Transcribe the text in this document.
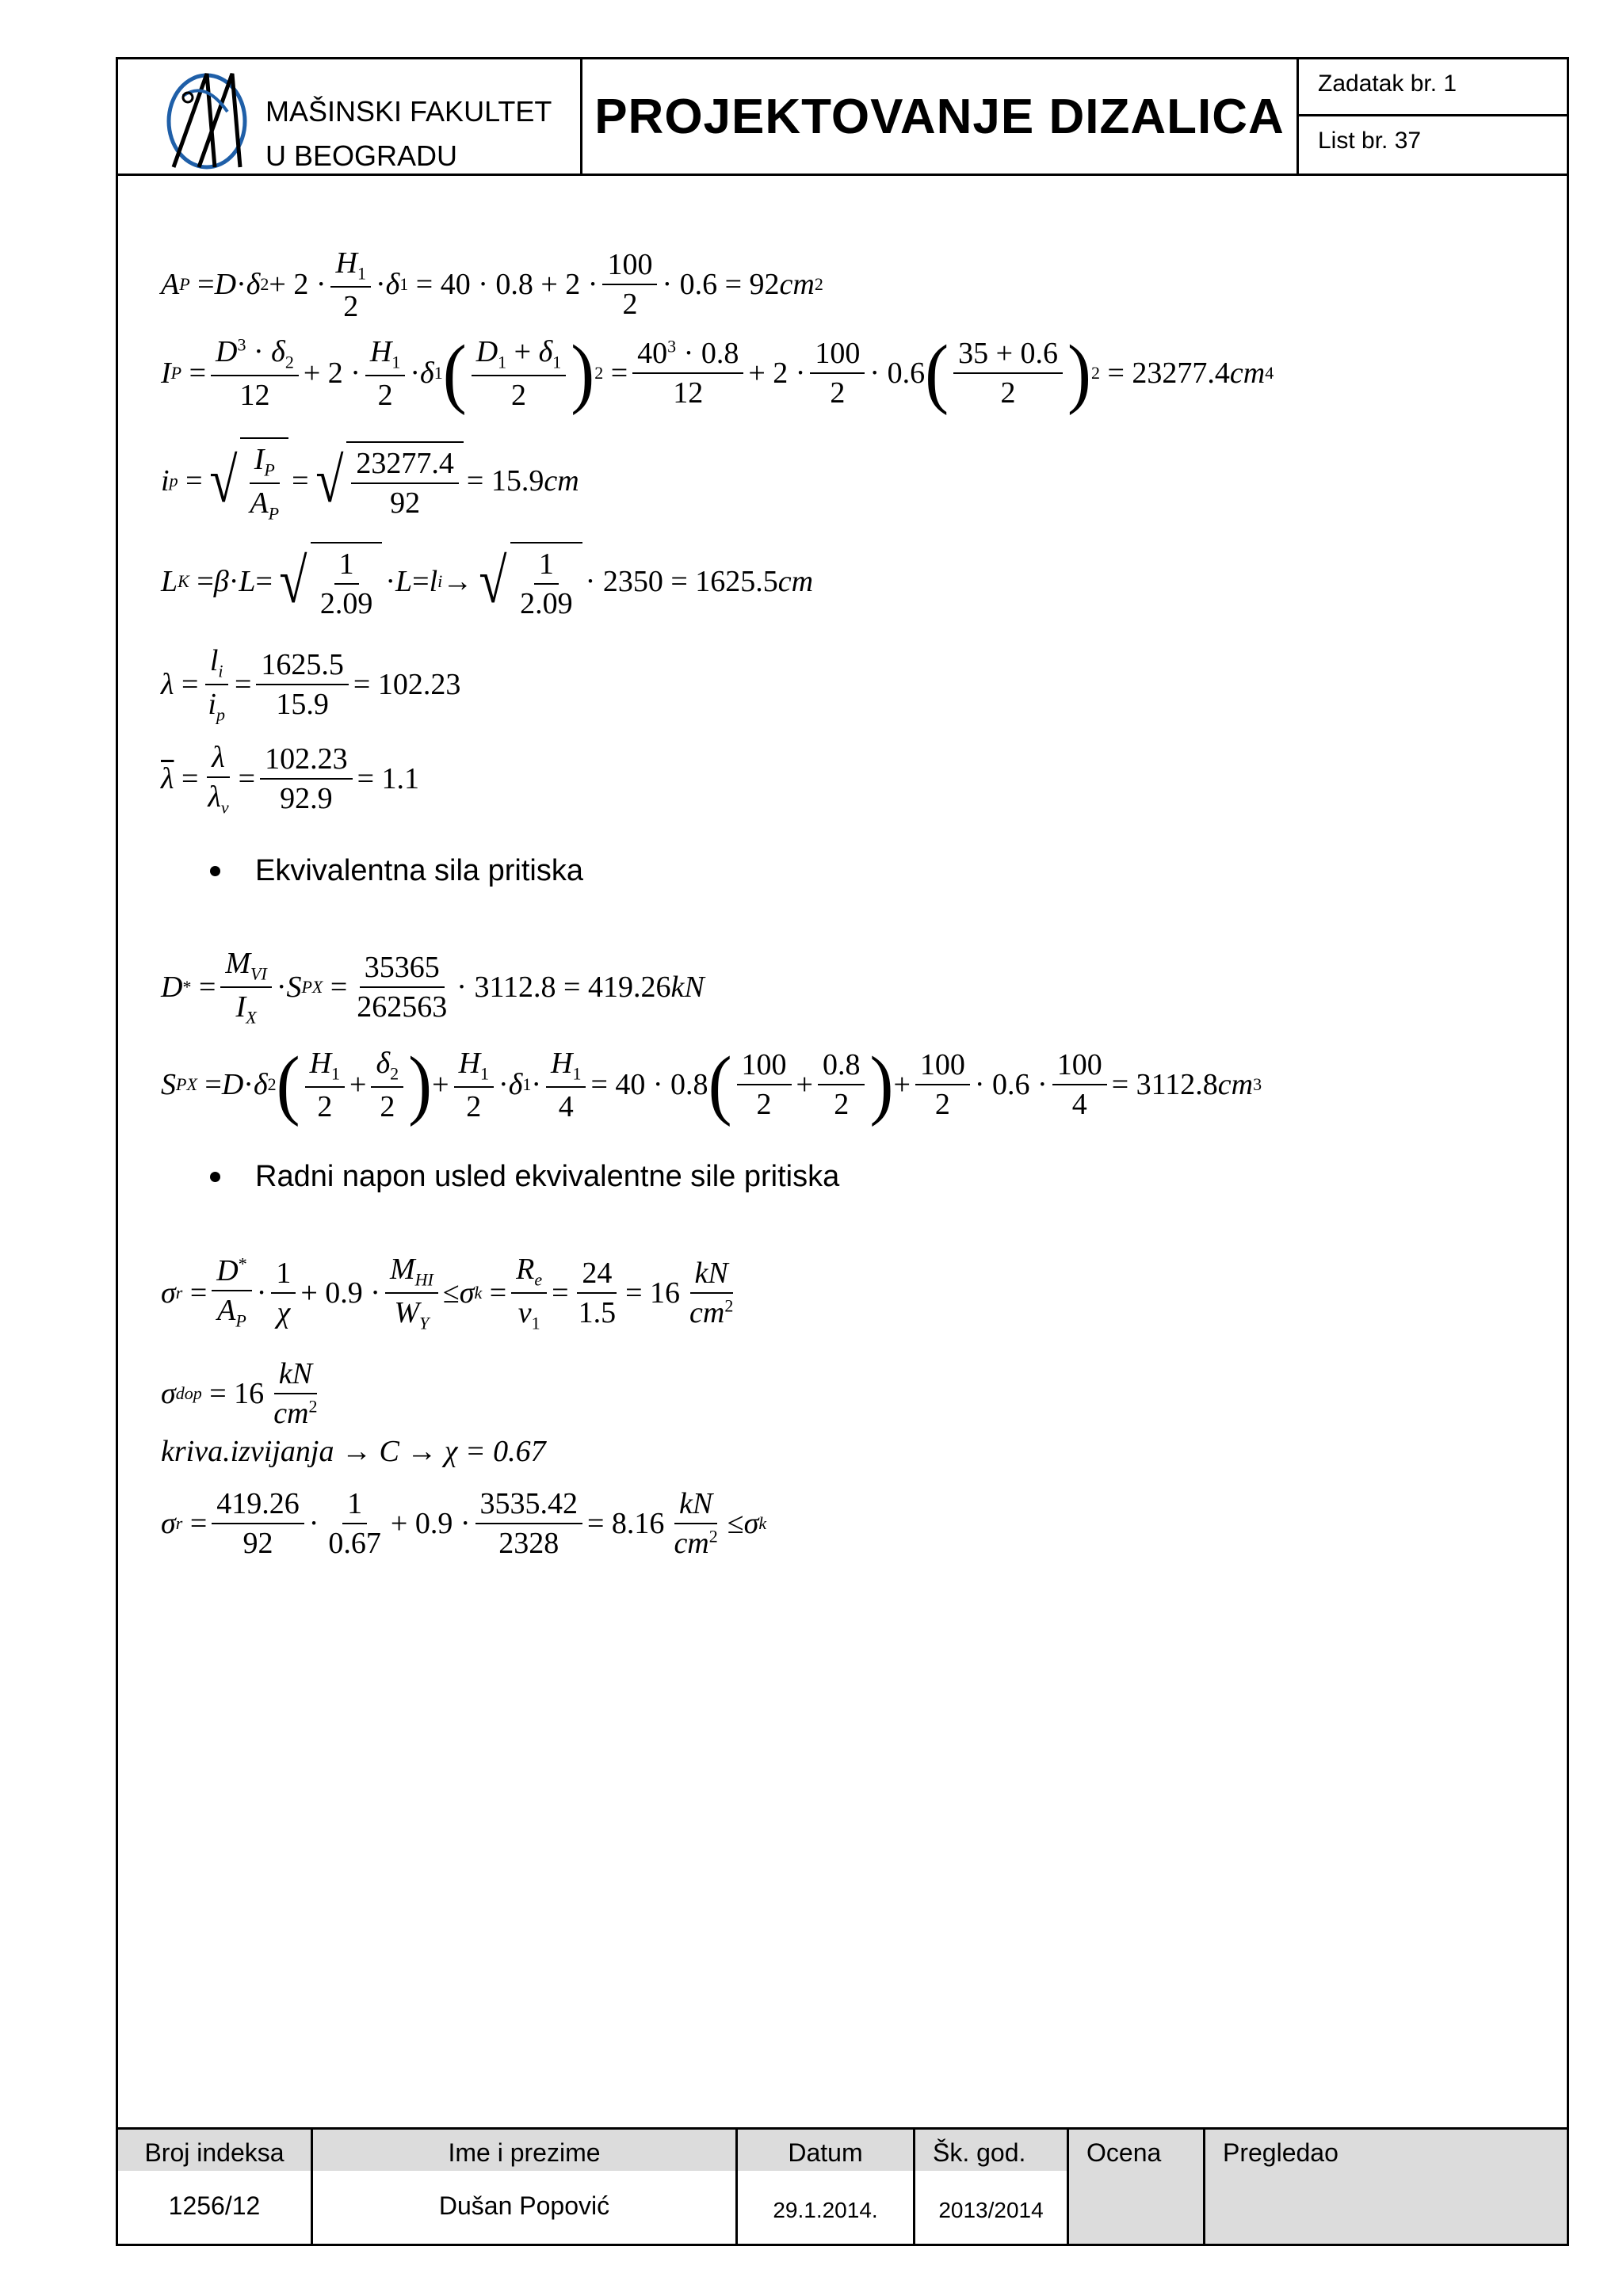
MAŠINSKI FAKULTET
U BEOGRADU
PROJEKTOVANJE DIZALICA
Zadatak br. 1
List br. 37
A P = D · δ $2 + 2 \cdot \frac{H_1}{2} \cdot \delta$ 1
= $40 \cdot 0.8 + 2 \cdot \frac{100}{2} \cdot 0.6 = 92$ cm 2
I $P = \frac{D^3 \cdot \delta_2}{12} + 2 \cdot \frac{H_1}{2} \cdot \delta$ 1 ( $\frac{D_1 + \delta_1}{2}$ ) $2 = \frac{40^3 \cdot 0.8}{12} + 2 \cdot \frac{100}{2} \cdot 0.6$ ( $\frac{35 + 0.6}{2}$ ) 2
= 23277.4 cm 4
i p = √ $\frac{I_P}{A_P}$ = √ $\frac{23277.4}{92} = 15.9$ cm
L K = β · L = √ $\frac{1}{2.09} \cdot L = l$ i → √ $\frac{1}{2.09} \cdot 2350 = 1625.5$ cm
$\lambda = \frac{l_i}{i_p} = \frac{1625.5}{15.9} = 102.23$
$\overline{\lambda} = \frac{\lambda}{\lambda_v} = \frac{102.23}{92.9} = 1.1$
Ekvivalentna sila pritiska
D * = $\frac{M_{VI}}{I_X} \cdot S$ PX = $\frac{35365}{262563} \cdot 3112.8 = 419.26$ kN
S PX = D · δ 2 ( $\frac{H_1}{2} + \frac{\delta_2}{2}$ ) + $\frac{H_1}{2} \cdot \delta$ $1 \cdot \frac{H_1}{4} = 40 \cdot 0.8$ ( $\frac{100}{2} + \frac{0.8}{2}$ ) + $\frac{100}{2} \cdot 0.6 \cdot \frac{100}{4} = 3112.8$ cm 3
Radni napon usled ekvivalentne sile pritiska
σ $r = \frac{D^*}{A_P} \cdot \frac{1}{\chi} + 0.9 \cdot \frac{M_{HI}}{W_Y} \le \sigma$ $k = \frac{R_e}{\nu_1} = \frac{24}{1.5} = 16 \frac{kN}{cm^2}$
σ dop
= $16 \frac{kN}{cm^2}$
kriva.izvijanja → C → χ = 0.67
σ $r = \frac{419.26}{92} \cdot \frac{1}{0.67} + 0.9 \cdot \frac{3535.42}{2328} = 8.16 \frac{kN}{cm^2} \le \sigma$ k
Broj indeksa
1256/12
Ime i prezime
Dušan Popović
Datum
29.1.2014.
Šk. god.
2013/2014
Ocena	Pregledao
